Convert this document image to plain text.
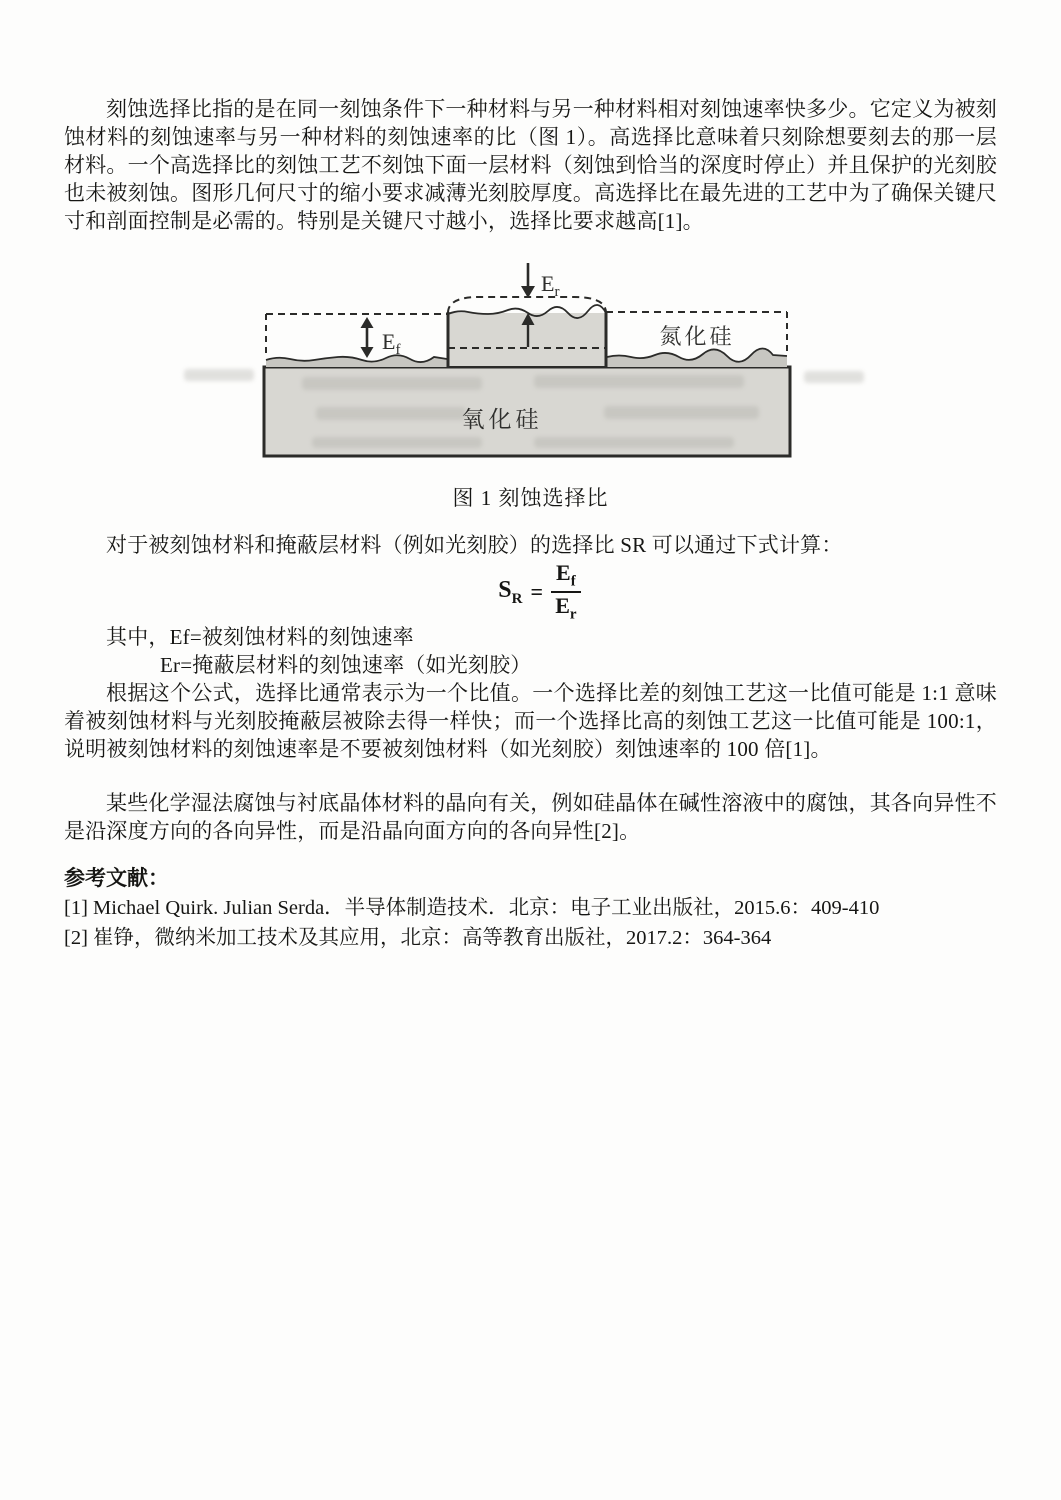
刻蚀选择比指的是在同一刻蚀条件下一种材料与另一种材料相对刻蚀速率快多少。它定义为被刻蚀材料的刻蚀速率与另一种材料的刻蚀速率的比（图 1）。高选择比意味着只刻除想要刻去的那一层材料。一个高选择比的刻蚀工艺不刻蚀下面一层材料（刻蚀到恰当的深度时停止）并且保护的光刻胶也未被刻蚀。图形几何尺寸的缩小要求减薄光刻胶厚度。高选择比在最先进的工艺中为了确保关键尺寸和剖面控制是必需的。特别是关键尺寸越小，选择比要求越高[1]。

氧化硅
$E_r$
$E_f$
氮化硅
图 1 刻蚀选择比

对于被刻蚀材料和掩蔽层材料（例如光刻胶）的选择比 SR 可以通过下式计算：

$S_R = \frac{E_f}{E_r}$

其中，Ef=被刻蚀材料的刻蚀速率

Er=掩蔽层材料的刻蚀速率（如光刻胶）

根据这个公式，选择比通常表示为一个比值。一个选择比差的刻蚀工艺这一比值可能是 1:1 意味着被刻蚀材料与光刻胶掩蔽层被除去得一样快；而一个选择比高的刻蚀工艺这一比值可能是 100:1，说明被刻蚀材料的刻蚀速率是不要被刻蚀材料（如光刻胶）刻蚀速率的 100 倍[1]。

某些化学湿法腐蚀与衬底晶体材料的晶向有关，例如硅晶体在碱性溶液中的腐蚀，其各向异性不是沿深度方向的各向异性，而是沿晶向面方向的各向异性[2]。

参考文献：

[1] Michael Quirk. Julian Serda．半导体制造技术．北京：电子工业出版社，2015.6：409-410

[2] 崔铮，微纳米加工技术及其应用，北京：高等教育出版社，2017.2：364-364
